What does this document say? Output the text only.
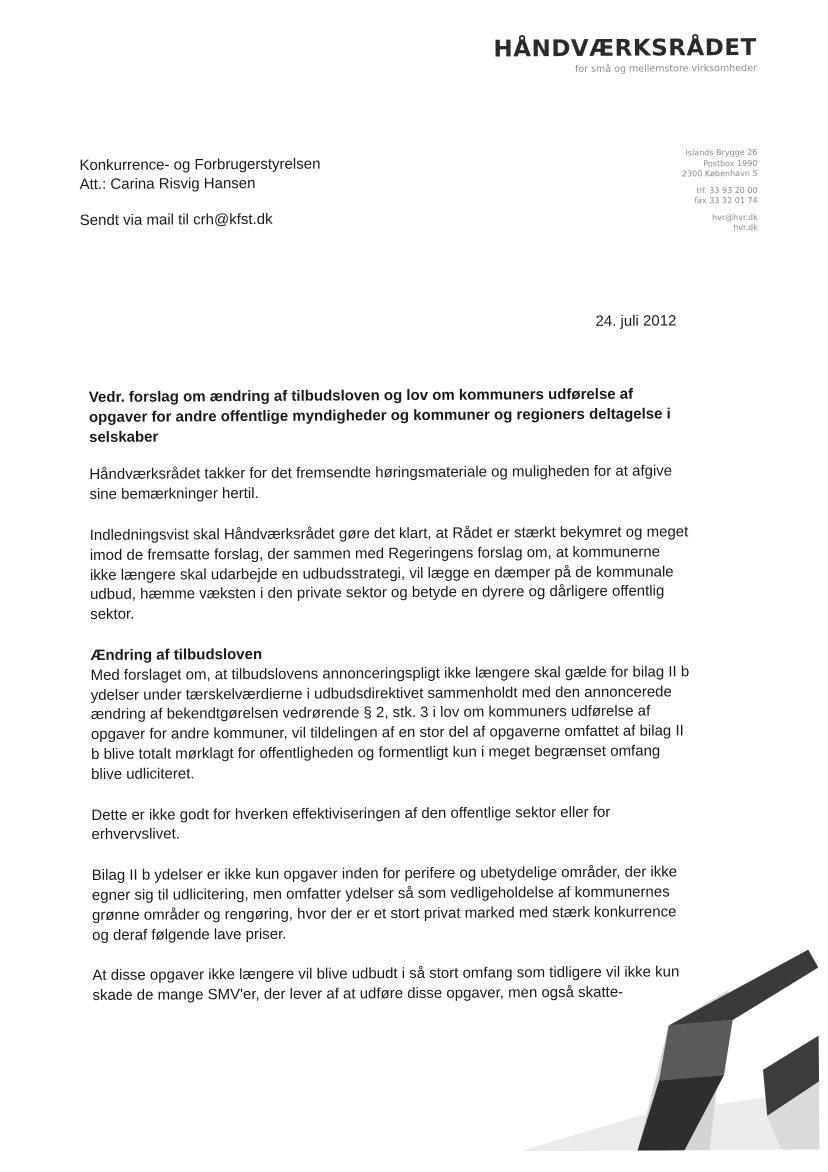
HÅNDVÆRKSRÅDET
for små og mellemstore virksomheder
Islands Brygge 26
Postbox 1990
2300 København S
tlf. 33 93 20 00
fax 33 32 01 74
hvr@hvr.dk
hvr.dk
Konkurrence- og Forbrugerstyrelsen
Att.: Carina Risvig Hansen
Sendt via mail til crh@kfst.dk
24. juli 2012
Vedr. forslag om ændring af tilbudsloven og lov om kommuners udførelse af opgaver for andre offentlige myndigheder og kommuner og regioners deltagelse i selskaber

Håndværksrådet takker for det fremsendte høringsmateriale og muligheden for at afgive sine bemærkninger hertil.

Indledningsvist skal Håndværksrådet gøre det klart, at Rådet er stærkt bekymret og meget imod de fremsatte forslag, der sammen med Regeringens forslag om, at kommunerne ikke længere skal udarbejde en udbudsstrategi, vil lægge en dæmper på de kommunale udbud, hæmme væksten i den private sektor og betyde en dyrere og dårligere offentlig sektor.

Ændring af tilbudsloven

Med forslaget om, at tilbudslovens annonceringspligt ikke længere skal gælde for bilag II b ydelser under tærskelværdierne i udbudsdirektivet sammenholdt med den annoncerede ændring af bekendtgørelsen vedrørende § 2, stk. 3 i lov om kommuners udførelse af opgaver for andre kommuner, vil tildelingen af en stor del af opgaverne omfattet af bilag II b blive totalt mørklagt for offentligheden og formentligt kun i meget begrænset omfang blive udliciteret.

Dette er ikke godt for hverken effektiviseringen af den offentlige sektor eller for erhvervslivet.

Bilag II b ydelser er ikke kun opgaver inden for perifere og ubetydelige områder, der ikke egner sig til udlicitering, men omfatter ydelser så som vedligeholdelse af kommunernes grønne områder og rengøring, hvor der er et stort privat marked med stærk konkurrence og deraf følgende lave priser.

At disse opgaver ikke længere vil blive udbudt i så stort omfang som tidligere vil ikke kun skade de mange SMV'er, der lever af at udføre disse opgaver, men også skatte-
